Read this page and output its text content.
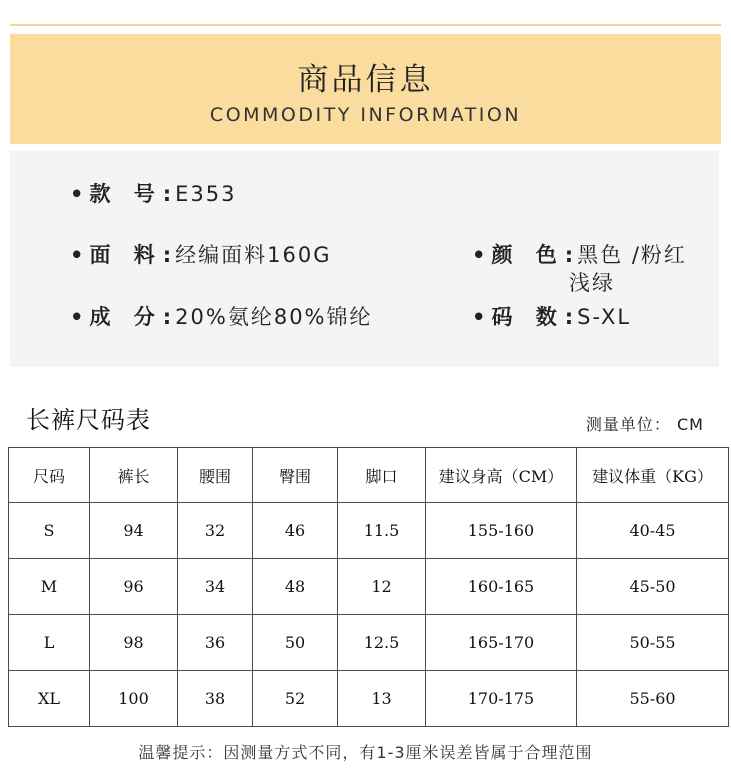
商品信息
COMMODITY INFORMATION
• 款 号:E353
• 面 料:经编面料160G
• 成 分:20%氨纶80%锦纶
• 颜 色:黑色 /粉红
浅绿
• 码 数:S-XL
长裤尺码表	测量单位： CM
尺码	裤长	腰围	臀围	脚口	建议身高（CM）	建议体重（KG）
S	94	32	46	11.5	155-160	40-45
M	96	34	48	12	160-165	45-50
L	98	36	50	12.5	165-170	50-55
XL	100	38	52	13	170-175	55-60
温馨提示：因测量方式不同，有1-3厘米误差皆属于合理范围
